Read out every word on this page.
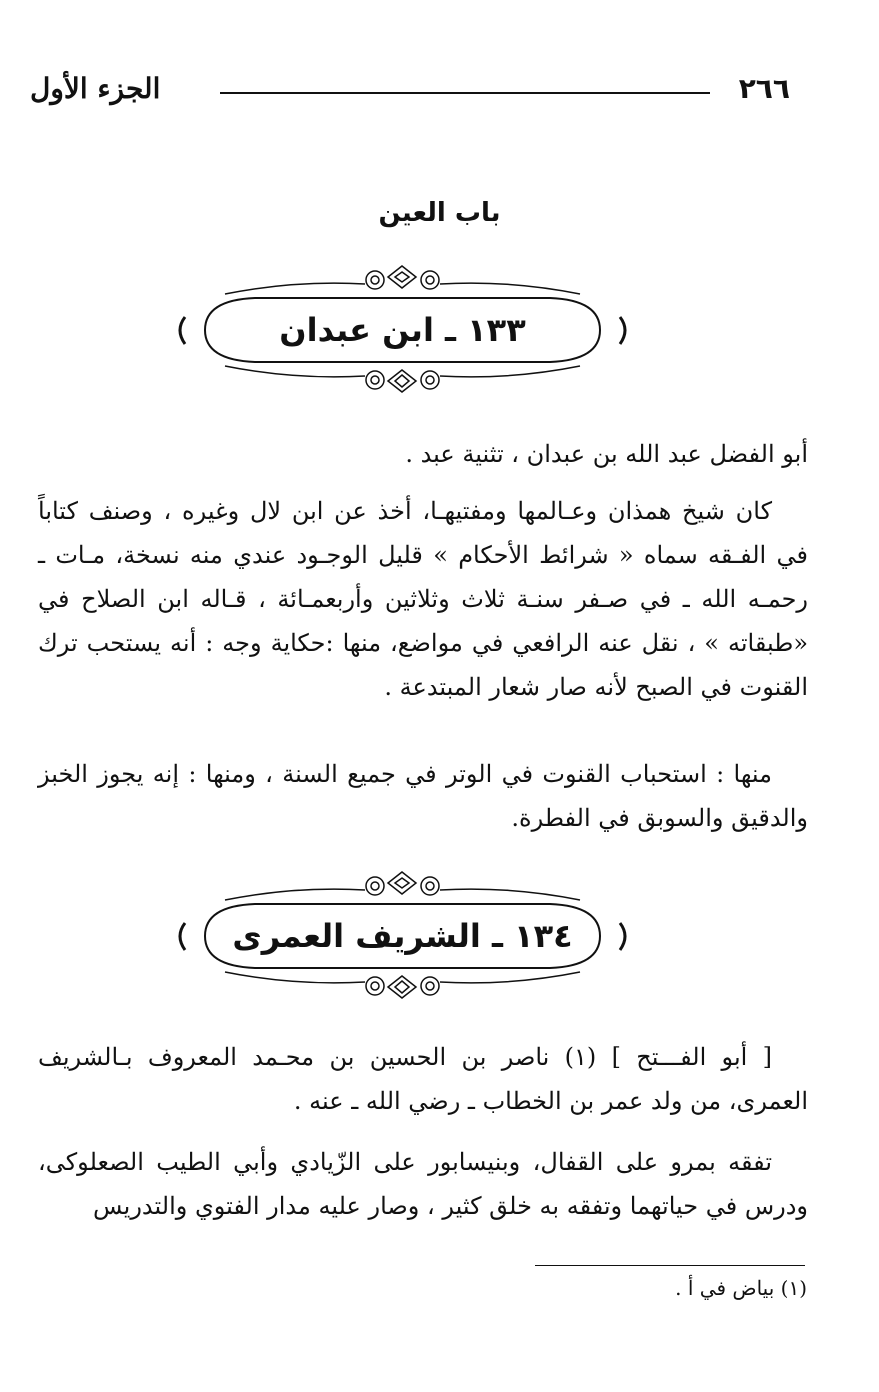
٢٦٦
الجزء الأول
باب العين
١٣٣ ـ ابن عبدان
أبو الفضل عبد الله بن عبدان ، تثنية عبد .
كان شيخ همذان وعـالمها ومفتيهـا، أخذ عن ابن لال وغيره ، وصنف كتاباً في الفـقه سماه « شرائط الأحكام » قليل الوجـود عندي منه نسخة، مـات ـ رحمـه الله ـ في صـفر سنـة ثلاث وثلاثين وأربعمـائة ، قـاله ابن الصلاح في «طبقاته » ، نقل عنه الرافعي في مواضع، منها :حكاية وجه : أنه يستحب ترك القنوت في الصبح لأنه صار شعار المبتدعة .
منها : استحباب القنوت في الوتر في جميع السنة ، ومنها : إنه يجوز الخبز والدقيق والسوبق في الفطرة.
١٣٤ ـ الشريف العمرى
[ أبو الفـــتح ] (١) ناصر بن الحسين بن محـمد المعروف بـالشريف العمرى، من ولد عمر بن الخطاب ـ رضي الله ـ عنه .
تفقه بمرو على القفال، وبنيسابور على الزّيادي وأبي الطيب الصعلوكى، ودرس في حياتهما وتفقه به خلق كثير ، وصار عليه مدار الفتوي والتدريس
(١) بياض في أ .
